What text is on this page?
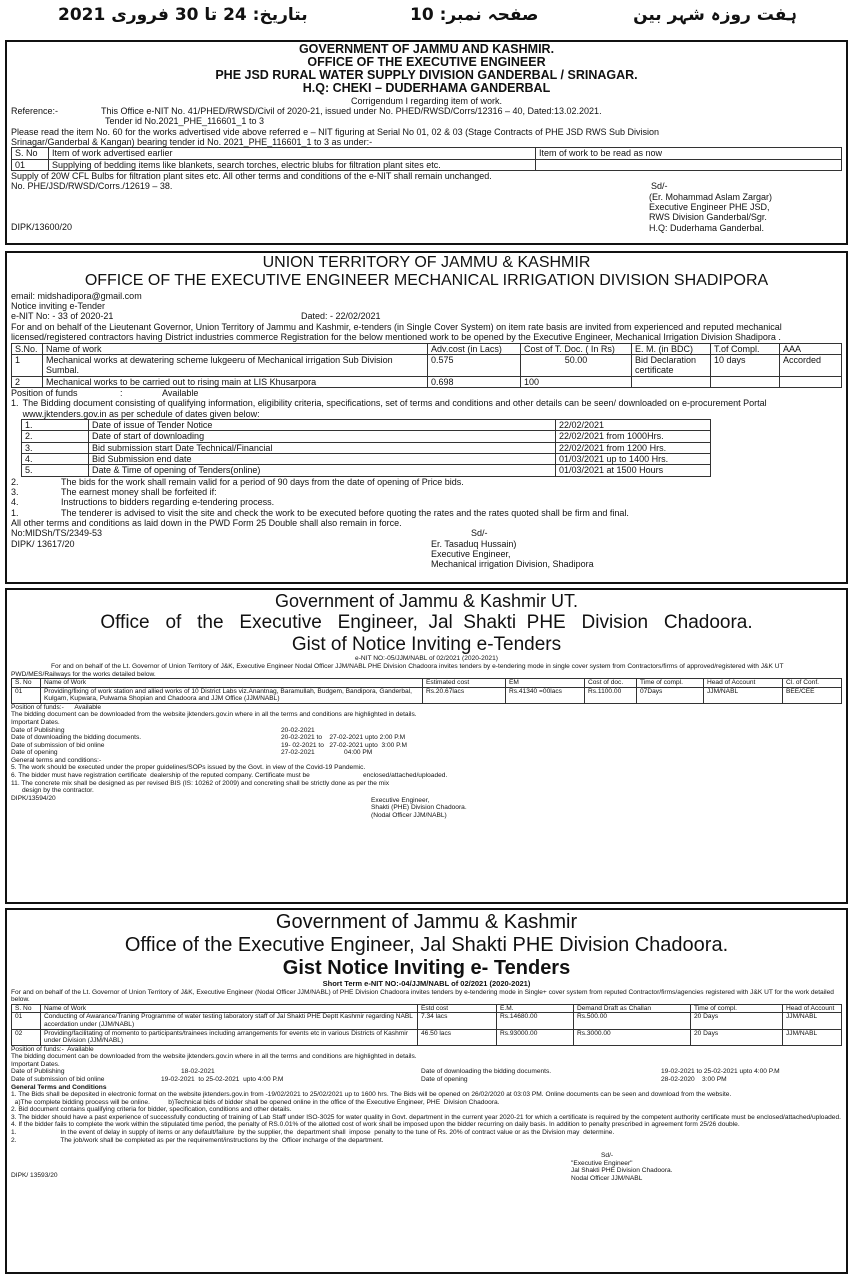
بتاریخ: 24 تا 30 فروری 2021	صفحہ نمبر: 10	ہفت روزہ شہر بین
GOVERNMENT OF JAMMU AND KASHMIR.
OFFICE OF THE EXECUTIVE ENGINEER
PHE JSD RURAL WATER SUPPLY DIVISION GANDERBAL / SRINAGAR.
H.Q: CHEKI – DUDERHAMA GANDERBAL
Corrigendum I regarding item of work.
Reference:-	This Office e-NIT No. 41/PHED/RWSD/Civil of 2020-21, issued under No. PHED/RWSD/Corrs/12316 – 40, Dated:13.02.2021.
Tender id No.2021_PHE_116601_1 to 3
Please read the item No. 60 for the works advertised vide above referred e – NIT figuring at Serial No 01, 02 & 03 (Stage Contracts of PHE JSD RWS Sub Division
Srinagar/Ganderbal & Kangan) bearing tender id No. 2021_PHE_116601_1 to 3 as under:-
S. No	Item of work advertised earlier	Item of work to be read as now
01	Supplying of bedding items like blankets, search torches, electric blubs for filtration plant sites etc.	
Supply of 20W CFL Bulbs for filtration plant sites etc. All other terms and conditions of the e-NIT shall remain unchanged.
No. PHE/JSD/RWSD/Corrs./12619 – 38.	Sd/-
DIPK/13600/20
(Er. Mohammad Aslam Zargar)
Executive Engineer PHE JSD,
RWS Division Ganderbal/Sgr.
H.Q: Duderhama Ganderbal.
UNION TERRITORY OF JAMMU & KASHMIR
OFFICE OF THE EXECUTIVE ENGINEER MECHANICAL IRRIGATION DIVISION SHADIPORA
email: midshadipora@gmail.com
Notice inviting e-Tender
e-NIT No: - 33 of 2020-21	Dated: - 22/02/2021
For and on behalf of the Lieutenant Governor, Union Territory of Jammu and Kashmir, e-tenders (in Single Cover System) on item rate basis are invited from experienced and reputed mechanical licensed/registered contractors having District industries commerce Registration for the below mentioned work to be opened by the Executive Engineer, Mechanical Irrigation Division Shadipora .
S.No.	Name of work	Adv.cost (in Lacs)	Cost of T. Doc. ( In Rs)	E. M. (in BDC)	T.of Compl.	AAA
1	Mechanical works at dewatering scheme lukgeeru of Mechanical irrigation Sub Division Sumbal.	0.575	50.00	Bid Declaration certificate	10 days	Accorded
2	Mechanical works to be carried out to rising main at LIS Khusarpora	0.698	100			
Position of funds                 :                Available
1. The Bidding document consisting of qualifying information, eligibility criteria, specifications, set of terms and conditions and other details can be seen/ downloaded on e-procurement Portal www.jktenders.gov.in as per schedule of dates given below:
1.	Date of issue of Tender Notice	22/02/2021
2.	Date of start of downloading	22/02/2021 from 1000Hrs.
3.	Bid submission start Date Technical/Financial	22/02/2021 from 1200 Hrs.
4.	Bid Submission end date	01/03/2021 up to 1400 Hrs.
5.	Date & Time of opening of Tenders(online)	01/03/2021 at 1500 Hours
2.	The bids for the work shall remain valid for a period of 90 days from the date of opening of Price bids.
3.	The earnest money shall be forfeited if:
4.	Instructions to bidders regarding e-tendering process.
1.	The tenderer is advised to visit the site and check the work to be executed before quoting the rates and the rates quoted shall be firm and final.
All other terms and conditions as laid down in the PWD Form 25 Double shall also remain in force.
No:MIDSh/TS/2349-53
DIPK/ 13617/20
Sd/-
Er. Tasaduq Hussain)
Executive Engineer,
Mechanical irrigation Division, Shadipora
Government of Jammu & Kashmir UT.
Office   of   the   Executive   Engineer,  Jal  Shakti  PHE   Division   Chadoora.
Gist of Notice Inviting e-Tenders
e-NIT NO:-05/JJM/NABL of 02/2021 (2020-2021)
For and on behalf of the Lt. Governor of Union Territory of J&K, Executive Engineer Nodal Officer JJM/NABL PHE Division Chadoora invites tenders by e-tendering mode in single cover system from Contractors/firms of approved/registered with J&K UT PWD/MES/Railways for the works detailed below.
S. No	Name of Work	Estimated cost	EM	Cost of doc.	Time of compl.	Head of Account	Cl. of Conf.
01	Providing/fixing of work station and allied works of 10 District Labs viz.Anantnag, Baramullah, Budgem, Bandipora, Ganderbal, Kulgam, Kupwara, Pulwama Shopian and Chadoora and JJM Office (JJM/NABL)	Rs.20.67lacs	Rs.41340 =00lacs	Rs.1100.00	07Days	JJM/NABL	BEE/CEE
Position of funds:-      Available
The bidding document can be downloaded from the website jktenders.gov.in where in all the terms and conditions are highlighted in details.
Important Dates.
Date of Publishing	20-02-2021
Date of downloading the bidding documents.	20-02-2021 to    27-02-2021 upto 2:00 P.M
Date of submission of bid online	19- 02-2021 to   27-02-2021 upto  3:00 P.M
Date of opening	27-02-2021                04:00 PM
General terms and conditions:-
5. The work should be executed under the proper guidelines/SOPs issued by the Govt. in view of the Covid-19 Pandemic.
6. The bidder must have registration certificate  dealership of the reputed company. Certificate must be                             enclosed/attached/uploaded.
11. The concrete mix shall be designed as per revised BIS (IS: 10262 of 2009) and concreting shall be strictly done as per the mix
design by the contractor.
DIPK/13594/20	Executive Engineer,
Shakti (PHE) Division Chadoora.
(Nodal Officer JJM/NABL)
Government of Jammu & Kashmir
Office of the Executive Engineer, Jal Shakti PHE Division Chadoora.
Gist Notice Inviting e- Tenders
Short Term e-NIT NO:-04/JJM/NABL of 02/2021 (2020-2021)
For and on behalf of the Lt. Governor of Union Territory of J&K, Executive Engineer (Nodal Officer JJM/NABL) of PHE Division Chadoora invites tenders by e-tendering mode in Single+ cover system from reputed Contractor/firms/agencies registered with J&K UT for the work detailed below.
S. No	Name of Work	Estd cost	E.M.	Demand Draft as Challan	Time of compl.	Head of Account
01	Conducting of Awarance/Traning Programme of water testing laboratory staff of Jal Shakti PHE Deptt Kashmir regarding NABL accerdation under (JJM/NABL)	7.34 lacs	Rs.14680.00	Rs.500.00	20 Days	JJM/NABL
02	Providing/facilitating of momento to participants/trainees including arrangements for events etc in various Districts of Kashmir under Division (JJM/NABL)	46.50 lacs	Rs.93000.00	Rs.3000.00	20 Days	JJM/NABL
Position of funds:-  Available
The bidding document can be downloaded from the website jktenders.gov.in where in all the terms and conditions are highlighted in details.
Important Dates.
Date of Publishing	18-02-2021	Date of downloading the bidding documents.	19-02-2021 to 25-02-2021 upto 4:00 P.M
Date of submission of bid online	19-02-2021  to 25-02-2021  upto 4:00 P.M	Date of opening	28-02-2020    3:00 PM
General Terms and Conditions
1. The Bids shall be deposited in electronic format on the website jktenders.gov.in from -19/02/2021 to 25/02/2021 up to 1600 hrs. The Bids will be opened on 26/02/2020 at 03:03 PM. Online documents can be seen and download from the website.
a)The complete bidding process will be online.          b)Technical bids of bidder shall be opened online in the office of the Executive Engineer, PHE  Division Chadoora.
2. Bid document contains qualifying criteria for bidder, specification, conditions and other details.
3. The bidder should have a past experience of successfully conducting of training of Lab Staff under ISO-3025 for water quality in Govt. department in the current year 2020-21 for which a certificate is required by the competent authority certificate must be enclosed/attached/uploaded.
4. If the bidder fails to complete the work within the stipulated time period, the penalty of RS.0.01% of the allotted cost of work shall be imposed upon the bidder recurring on daily basis. In addition to penalty prescribed in agreement form 25/26 double.
1.                        In the event of delay in supply of items or any default/failure  by the supplier, the  department shall  impose  penalty to the tune of Rs. 20% of contract value or as the Division may  determine.
2.                        The job/work shall be completed as per the requirement/instructions by the  Officer incharge of the department.
DIPK/ 13593/20
Sd/-
"Executive Engineer"
Jal Shakti PHE Division Chadoora.
Nodal Officer JJM/NABL
